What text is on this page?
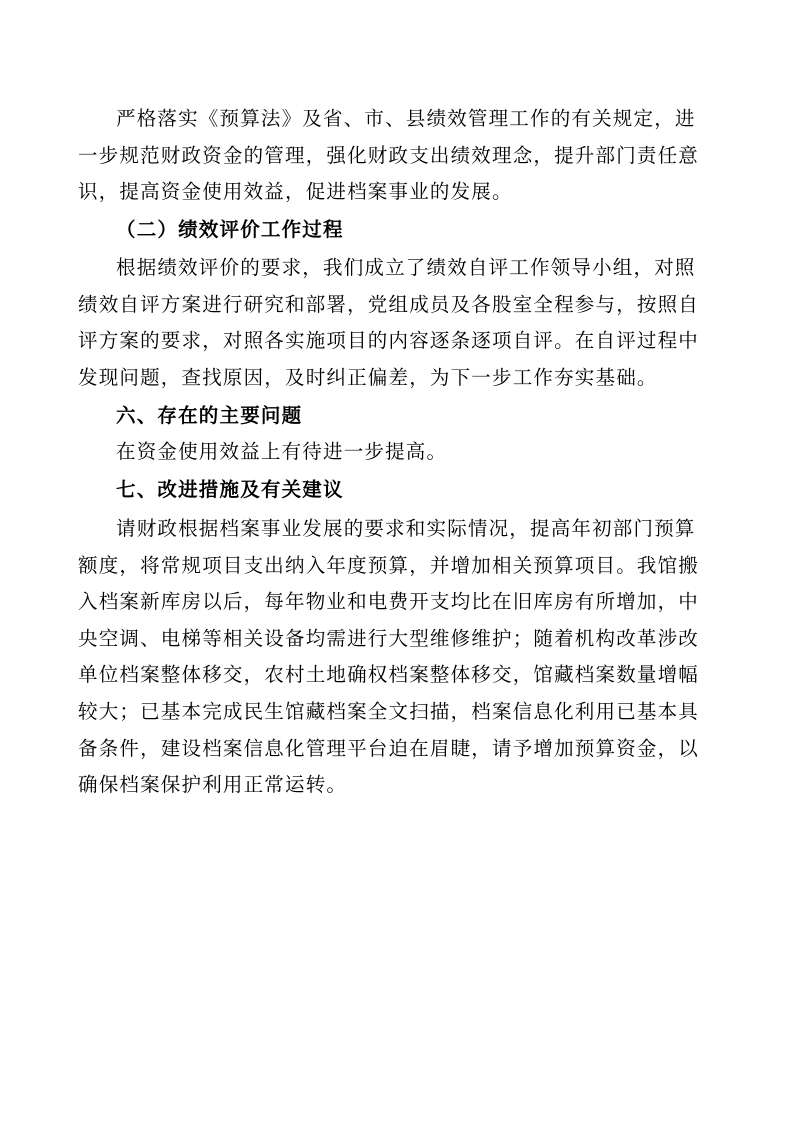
严格落实《预算法》及省、市、县绩效管理工作的有关规定，进
一步规范财政资金的管理，强化财政支出绩效理念，提升部门责任意
识，提高资金使用效益，促进档案事业的发展。
（二）绩效评价工作过程
根据绩效评价的要求，我们成立了绩效自评工作领导小组，对照
绩效自评方案进行研究和部署，党组成员及各股室全程参与，按照自
评方案的要求，对照各实施项目的内容逐条逐项自评。在自评过程中
发现问题，查找原因，及时纠正偏差，为下一步工作夯实基础。
六、存在的主要问题
在资金使用效益上有待进一步提高。
七、改进措施及有关建议
请财政根据档案事业发展的要求和实际情况，提高年初部门预算
额度，将常规项目支出纳入年度预算，并增加相关预算项目。我馆搬
入档案新库房以后，每年物业和电费开支均比在旧库房有所增加，中
央空调、电梯等相关设备均需进行大型维修维护；随着机构改革涉改
单位档案整体移交，农村土地确权档案整体移交，馆藏档案数量增幅
较大；已基本完成民生馆藏档案全文扫描，档案信息化利用已基本具
备条件，建设档案信息化管理平台迫在眉睫，请予增加预算资金，以
确保档案保护利用正常运转。
